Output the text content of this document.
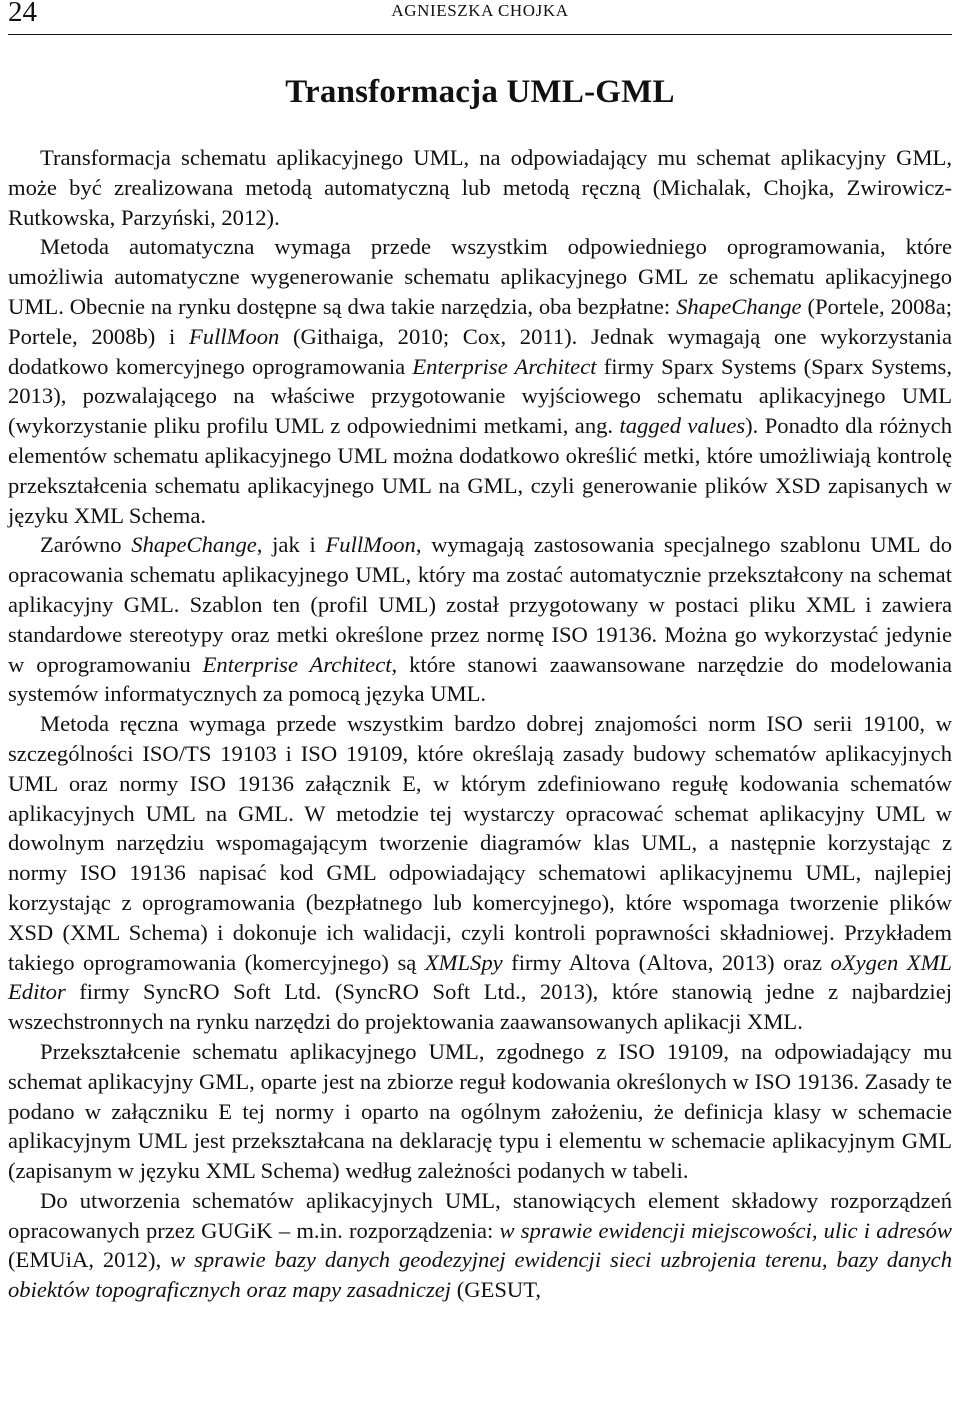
24	AGNIESZKA CHOJKA
Transformacja UML-GML

Transformacja schematu aplikacyjnego UML, na odpowiadający mu schemat aplikacyjny GML, może być zrealizowana metodą automatyczną lub metodą ręczną (Michalak, Chojka, Zwirowicz-Rutkowska, Parzyński, 2012).

Metoda automatyczna wymaga przede wszystkim odpowiedniego oprogramowania, które umożliwia automatyczne wygenerowanie schematu aplikacyjnego GML ze schematu aplikacyjnego UML. Obecnie na rynku dostępne są dwa takie narzędzia, oba bezpłatne: ShapeChange (Portele, 2008a; Portele, 2008b) i FullMoon (Githaiga, 2010; Cox, 2011). Jednak wymagają one wykorzystania dodatkowo komercyjnego oprogramowania Enterprise Architect firmy Sparx Systems (Sparx Systems, 2013), pozwalającego na właściwe przygotowanie wyjściowego schematu aplikacyjnego UML (wykorzystanie pliku profilu UML z odpowiednimi metkami, ang. tagged values). Ponadto dla różnych elementów schematu aplikacyjnego UML można dodatkowo określić metki, które umożliwiają kontrolę przekształcenia schematu aplikacyjnego UML na GML, czyli generowanie plików XSD zapisanych w języku XML Schema.

Zarówno ShapeChange, jak i FullMoon, wymagają zastosowania specjalnego szablonu UML do opracowania schematu aplikacyjnego UML, który ma zostać automatycznie przekształcony na schemat aplikacyjny GML. Szablon ten (profil UML) został przygotowany w postaci pliku XML i zawiera standardowe stereotypy oraz metki określone przez normę ISO 19136. Można go wykorzystać jedynie w oprogramowaniu Enterprise Architect, które stanowi zaawansowane narzędzie do modelowania systemów informatycznych za pomocą języka UML.

Metoda ręczna wymaga przede wszystkim bardzo dobrej znajomości norm ISO serii 19100, w szczególności ISO/TS 19103 i ISO 19109, które określają zasady budowy schematów aplikacyjnych UML oraz normy ISO 19136 załącznik E, w którym zdefiniowano regułę kodowania schematów aplikacyjnych UML na GML. W metodzie tej wystarczy opracować schemat aplikacyjny UML w dowolnym narzędziu wspomagającym tworzenie diagramów klas UML, a następnie korzystając z normy ISO 19136 napisać kod GML odpowiadający schematowi aplikacyjnemu UML, najlepiej korzystając z oprogramowania (bezpłatnego lub komercyjnego), które wspomaga tworzenie plików XSD (XML Schema) i dokonuje ich walidacji, czyli kontroli poprawności składniowej. Przykładem takiego oprogramowania (komercyjnego) są XMLSpy firmy Altova (Altova, 2013) oraz oXygen XML Editor firmy SyncRO Soft Ltd. (SyncRO Soft Ltd., 2013), które stanowią jedne z najbardziej wszechstronnych na rynku narzędzi do projektowania zaawansowanych aplikacji XML.

Przekształcenie schematu aplikacyjnego UML, zgodnego z ISO 19109, na odpowiadający mu schemat aplikacyjny GML, oparte jest na zbiorze reguł kodowania określonych w ISO 19136. Zasady te podano w załączniku E tej normy i oparto na ogólnym założeniu, że definicja klasy w schemacie aplikacyjnym UML jest przekształcana na deklarację typu i elementu w schemacie aplikacyjnym GML (zapisanym w języku XML Schema) według zależności podanych w tabeli.

Do utworzenia schematów aplikacyjnych UML, stanowiących element składowy rozporządzeń opracowanych przez GUGiK – m.in. rozporządzenia: w sprawie ewidencji miejscowości, ulic i adresów (EMUiA, 2012), w sprawie bazy danych geodezyjnej ewidencji sieci uzbrojenia terenu, bazy danych obiektów topograficznych oraz mapy zasadniczej (GESUT,
